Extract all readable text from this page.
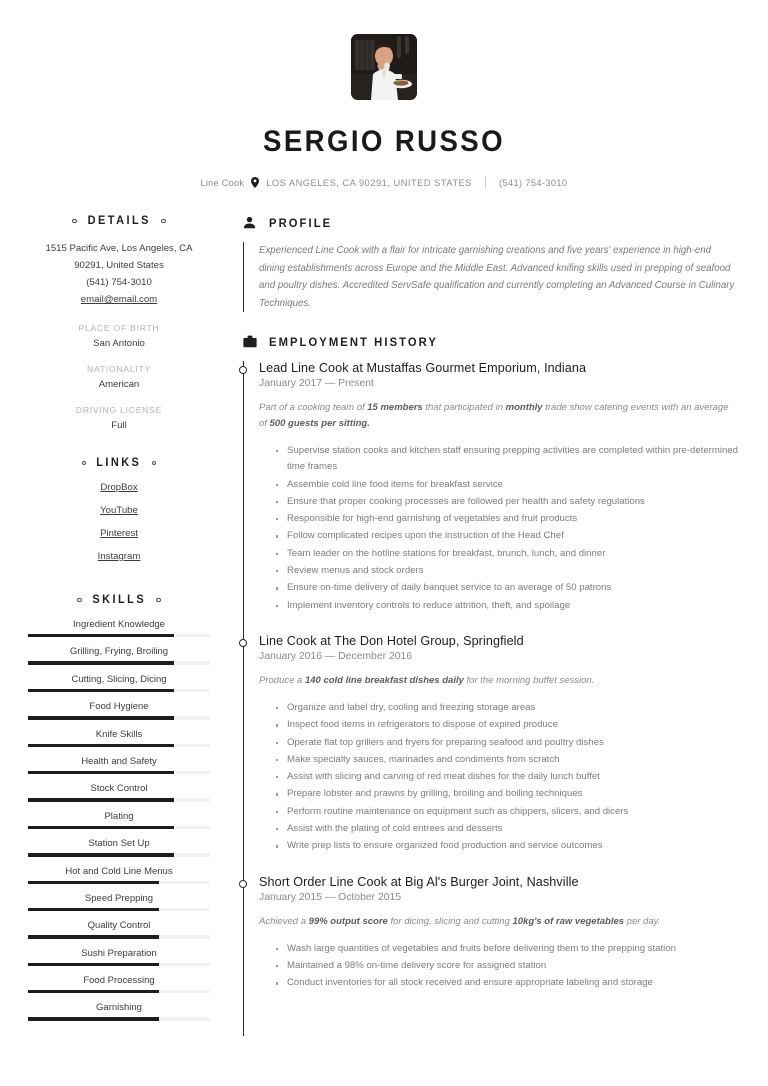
SERGIO RUSSO
Line Cook LOS ANGELES, CA 90291, UNITED STATES	(541) 754-3010
DETAILS
1515 Pacific Ave, Los Angeles, CA
90291, United States
(541) 754-3010
email@email.com
PLACE OF BIRTH
San Antonio
NATIONALITY
American
DRIVING LICENSE
Full
LINKS
DropBox
YouTube
Pinterest
Instagram
SKILLS
Ingredient Knowledge
Grilling, Frying, Broiling
Cutting, Slicing, Dicing
Food Hygiene
Knife Skills
Health and Safety
Stock Control
Plating
Station Set Up
Hot and Cold Line Menus
Speed Prepping
Quality Control
Sushi Preparation
Food Processing
Garnishing
PROFILE
Experienced Line Cook with a flair for intricate garnishing creations and five years' experience in high-end dining establishments across Europe and the Middle East. Advanced knifing skills used in prepping of seafood and poultry dishes. Accredited ServSafe qualification and currently completing an Advanced Course in Culinary Techniques.
EMPLOYMENT HISTORY
Lead Line Cook at Mustaffas Gourmet Emporium, Indiana
January 2017 — Present
Part of a cooking team of 15 members that participated in monthly trade show catering events with an average of 500 guests per sitting.
Supervise station cooks and kitchen staff ensuring prepping activities are completed within pre-determined time frames
Assemble cold line food items for breakfast service
Ensure that proper cooking processes are followed per health and safety regulations
Responsible for high-end garnishing of vegetables and fruit products
Follow complicated recipes upon the instruction of the Head Chef
Team leader on the hotline stations for breakfast, brunch, lunch, and dinner
Review menus and stock orders
Ensure on-time delivery of daily banquet service to an average of 50 patrons
Implement inventory controls to reduce attrition, theft, and spoilage
Line Cook at The Don Hotel Group, Springfield
January 2016 — December 2016
Produce a 140 cold line breakfast dishes daily for the morning buffet session.
Organize and label dry, cooling and freezing storage areas
Inspect food items in refrigerators to dispose of expired produce
Operate flat top grillers and fryers for preparing seafood and poultry dishes
Make specialty sauces, marinades and condiments from scratch
Assist with slicing and carving of red meat dishes for the daily lunch buffet
Prepare lobster and prawns by grilling, broiling and boiling techniques
Perform routine maintenance on equipment such as chippers, slicers, and dicers
Assist with the plating of cold entrees and desserts
Write prep lists to ensure organized food production and service outcomes
Short Order Line Cook at Big Al's Burger Joint, Nashville
January 2015 — October 2015
Achieved a 99% output score for dicing, slicing and cutting 10kg's of raw vegetables per day.
Wash large quantities of vegetables and fruits before delivering them to the prepping station
Maintained a 98% on-time delivery score for assigned station
Conduct inventories for all stock received and ensure appropriate labeling and storage
